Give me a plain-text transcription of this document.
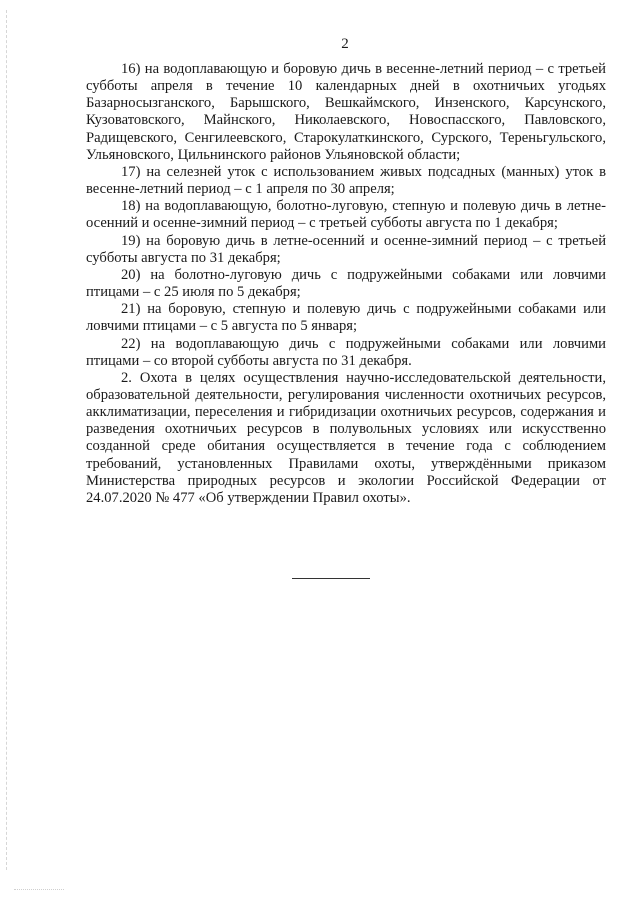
2

16) на водоплавающую и боровую дичь в весенне-летний период – с третьей субботы апреля в течение 10 календарных дней в охотничьих угодьях Базарносызганского, Барышского, Вешкаймского, Инзенского, Карсунского, Кузоватовского, Майнского, Николаевского, Новоспасского, Павловского, Радищевского, Сенгилеевского, Старокулаткинского, Сурского, Тереньгульского, Ульяновского, Цильнинского районов Ульяновской области;

17) на селезней уток с использованием живых подсадных (манных) уток в весенне-летний период – с 1 апреля по 30 апреля;

18) на водоплавающую, болотно-луговую, степную и полевую дичь в летне-осенний и осенне-зимний период – с третьей субботы августа по 1 декабря;

19) на боровую дичь в летне-осенний и осенне-зимний период – с третьей субботы августа по 31 декабря;

20) на болотно-луговую дичь с подружейными собаками или ловчими птицами – с 25 июля по 5 декабря;

21) на боровую, степную и полевую дичь с подружейными собаками или ловчими птицами – с 5 августа по 5 января;

22) на водоплавающую дичь с подружейными собаками или ловчими птицами – со второй субботы августа по 31 декабря.

2. Охота в целях осуществления научно-исследовательской деятельности, образовательной деятельности, регулирования численности охотничьих ресурсов, акклиматизации, переселения и гибридизации охотничьих ресурсов, содержания и разведения охотничьих ресурсов в полувольных условиях или искусственно созданной среде обитания осуществляется в течение года с соблюдением требований, установленных Правилами охоты, утверждёнными приказом Министерства природных ресурсов и экологии Российской Федерации от 24.07.2020 № 477 «Об утверждении Правил охоты».
